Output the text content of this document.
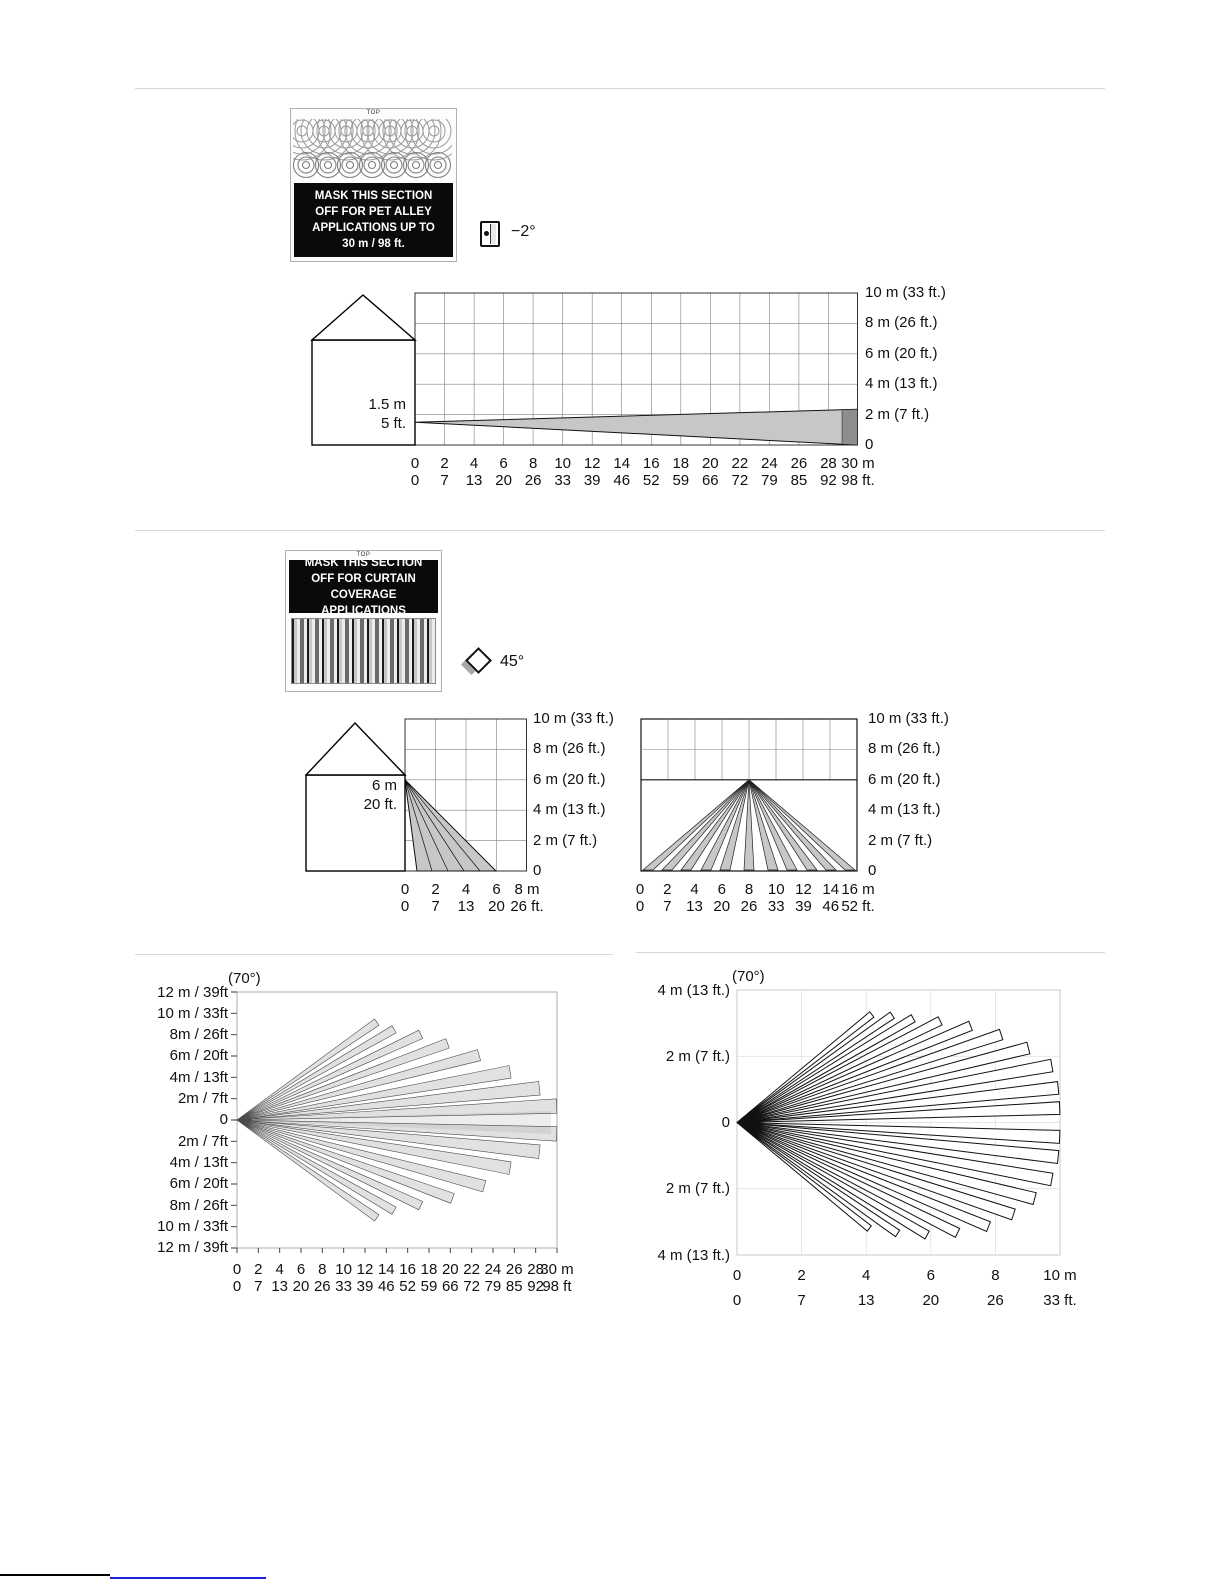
TOP
MASK THIS SECTION
OFF FOR PET ALLEY
APPLICATIONS UP TO
30 m / 98 ft.
−2°
1.5 m
5 ft.
10 m (33 ft.)
8 m (26 ft.)
6 m (20 ft.)
4 m (13 ft.)
2 m (7 ft.)
0
0 2 4 6 8 10 12 14 16 18 20 22 24 26 28 30 m
0 7 13 20 26 33 39 46 52 59 66 72 79 85 92 98 ft.
TOP
MASK THIS SECTION
OFF FOR CURTAIN
COVERAGE APPLICATIONS
45°
6 m
20 ft.
10 m (33 ft.)
8 m (26 ft.)
6 m (20 ft.)
4 m (13 ft.)
2 m (7 ft.)
0
0 2 4 6 8 m
0 7 13 20 26 ft.
10 m (33 ft.)
8 m (26 ft.)
6 m (20 ft.)
4 m (13 ft.)
2 m (7 ft.)
0
0 2 4 6 8 10 12 14 16 m
0 7 13 20 26 33 39 46 52 ft.
(70°)
12 m / 39ft
10 m / 33ft
8m / 26ft
6m / 20ft
4m / 13ft
2m / 7ft
0
2m / 7ft
4m / 13ft
6m / 20ft
8m / 26ft
10 m / 33ft
12 m / 39ft
0 2 4 6 8 10 12 14 16 18 20 22 24 26 28
30 m
0 7 13 20 26 33 39 46 52 59 66 72 79 85 92
98 ft
(70°)
4 m (13 ft.)
2 m (7 ft.)
0
2 m (7 ft.)
4 m (13 ft.)
0	2	4	6	8	10 m
0	7	13	20	26	33 ft.
